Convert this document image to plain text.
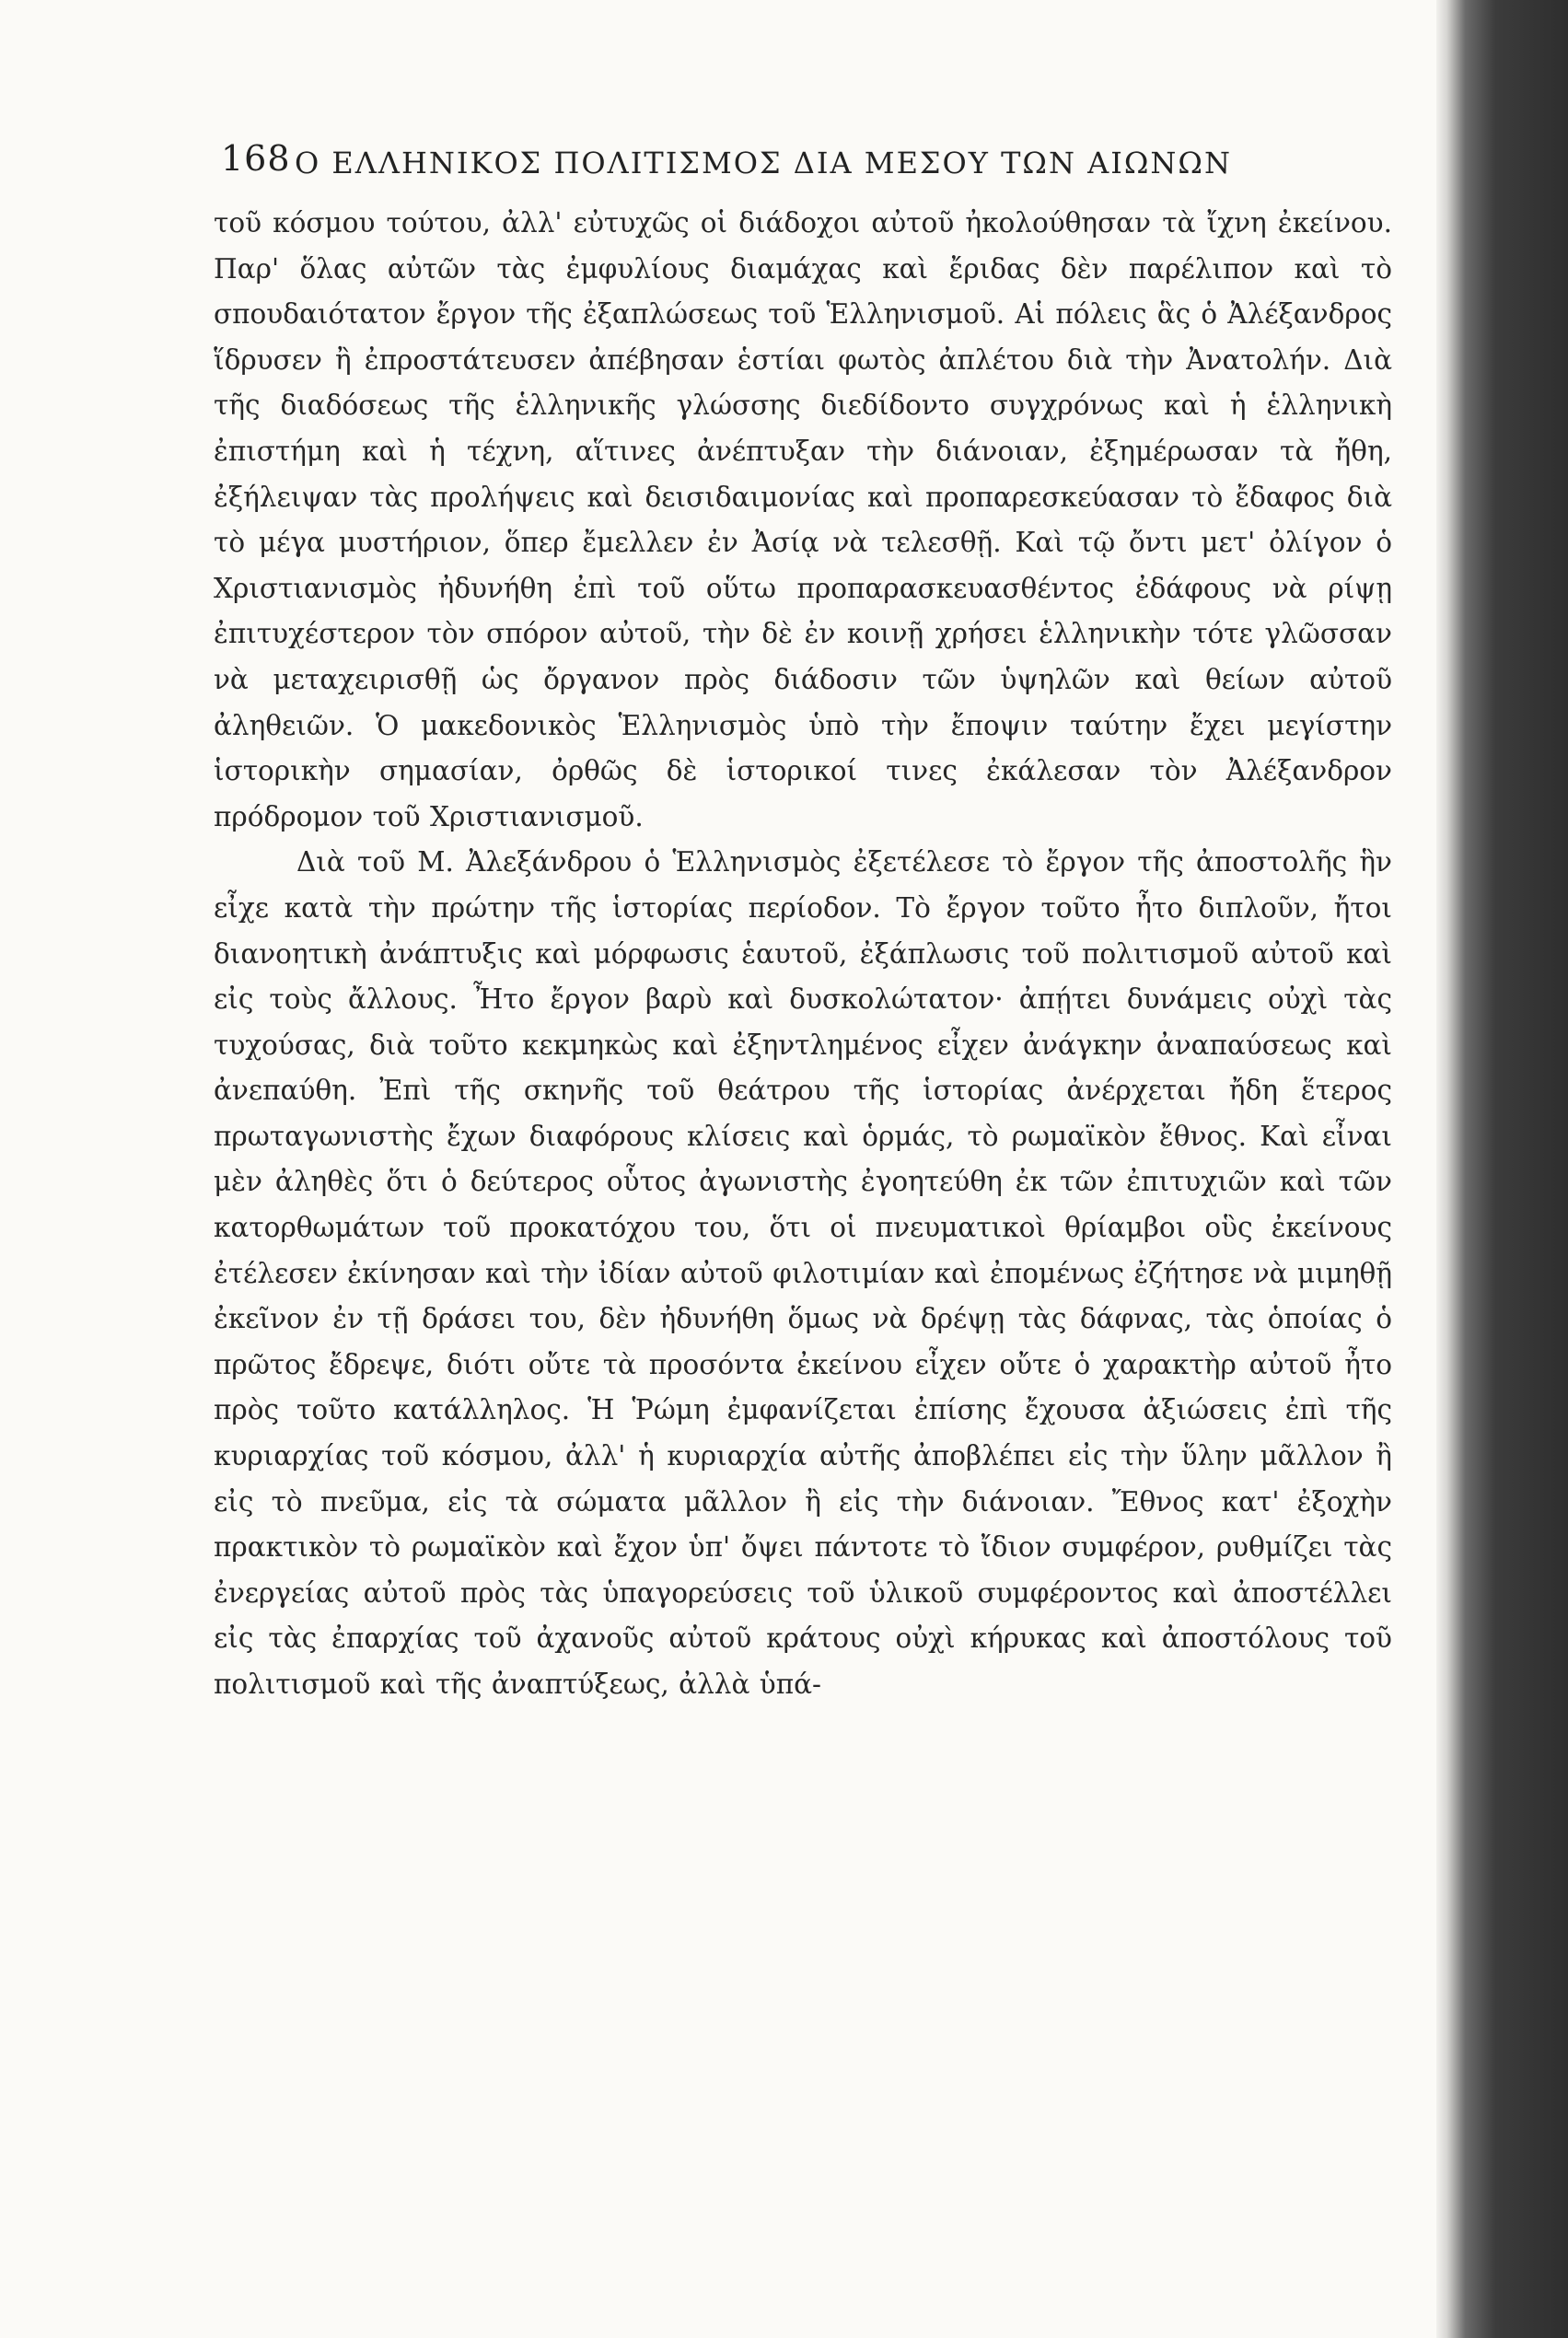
168 Ο ΕΛΛΗΝΙΚΟΣ ΠΟΛΙΤΙΣΜΟΣ ΔΙΑ ΜΕΣΟΥ ΤΩΝ ΑΙΩΝΩΝ

τοῦ κόσμου τούτου, ἀλλ' εὐτυχῶς οἱ διάδοχοι αὐτοῦ ἠκολούθησαν τὰ ἴχνη ἐκείνου. Παρ' ὅλας αὐτῶν τὰς ἐμφυλίους διαμάχας καὶ ἔριδας δὲν παρέλιπον καὶ τὸ σπουδαιότατον ἔργον τῆς ἐξαπλώσεως τοῦ Ἑλληνισμοῦ. Αἱ πόλεις ἃς ὁ Ἀλέξανδρος ἵδρυσεν ἢ ἐπροστάτευσεν ἀπέβησαν ἑστίαι φωτὸς ἀπλέτου διὰ τὴν Ἀνατολήν. Διὰ τῆς διαδόσεως τῆς ἑλληνικῆς γλώσσης διεδίδοντο συγχρόνως καὶ ἡ ἑλληνικὴ ἐπιστήμη καὶ ἡ τέχνη, αἵτινες ἀνέπτυξαν τὴν διάνοιαν, ἐξημέρωσαν τὰ ἤθη, ἐξήλειψαν τὰς προλήψεις καὶ δεισιδαιμονίας καὶ προπαρεσκεύασαν τὸ ἔδαφος διὰ τὸ μέγα μυστήριον, ὅπερ ἔμελλεν ἐν Ἀσίᾳ νὰ τελεσθῇ. Καὶ τῷ ὄντι μετ' ὀλίγον ὁ Χριστιανισμὸς ἠδυνήθη ἐπὶ τοῦ οὕτω προπαρασκευασθέντος ἐδάφους νὰ ρίψῃ ἐπιτυχέστερον τὸν σπόρον αὐτοῦ, τὴν δὲ ἐν κοινῇ χρήσει ἑλληνικὴν τότε γλῶσσαν νὰ μεταχειρισθῇ ὡς ὄργανον πρὸς διάδοσιν τῶν ὑψηλῶν καὶ θείων αὐτοῦ ἀληθειῶν. Ὁ μακεδονικὸς Ἑλληνισμὸς ὑπὸ τὴν ἔποψιν ταύτην ἔχει μεγίστην ἱστορικὴν σημασίαν, ὀρθῶς δὲ ἱστορικοί τινες ἐκάλεσαν τὸν Ἀλέξανδρον πρόδρομον τοῦ Χριστιανισμοῦ.

Διὰ τοῦ Μ. Ἀλεξάνδρου ὁ Ἑλληνισμὸς ἐξετέλεσε τὸ ἔργον τῆς ἀποστολῆς ἣν εἶχε κατὰ τὴν πρώτην τῆς ἱστορίας περίοδον. Τὸ ἔργον τοῦτο ἦτο διπλοῦν, ἤτοι διανοητικὴ ἀνάπτυξις καὶ μόρφωσις ἑαυτοῦ, ἐξάπλωσις τοῦ πολιτισμοῦ αὐτοῦ καὶ εἰς τοὺς ἄλλους. Ἦτο ἔργον βαρὺ καὶ δυσκολώτατον· ἀπῄτει δυνάμεις οὐχὶ τὰς τυχούσας, διὰ τοῦτο κεκμηκὼς καὶ ἐξηντλημένος εἶχεν ἀνάγκην ἀναπαύσεως καὶ ἀνεπαύθη. Ἐπὶ τῆς σκηνῆς τοῦ θεάτρου τῆς ἱστορίας ἀνέρχεται ἤδη ἕτερος πρωταγωνιστὴς ἔχων διαφόρους κλίσεις καὶ ὁρμάς, τὸ ρωμαϊκὸν ἔθνος. Καὶ εἶναι μὲν ἀληθὲς ὅτι ὁ δεύτερος οὗτος ἀγωνιστὴς ἐγοητεύθη ἐκ τῶν ἐπιτυχιῶν καὶ τῶν κατορθωμάτων τοῦ προκατόχου του, ὅτι οἱ πνευματικοὶ θρίαμβοι οὓς ἐκείνους ἐτέλεσεν ἐκίνησαν καὶ τὴν ἰδίαν αὐτοῦ φιλοτιμίαν καὶ ἐπομένως ἐζήτησε νὰ μιμηθῇ ἐκεῖνον ἐν τῇ δράσει του, δὲν ἠδυνήθη ὅμως νὰ δρέψῃ τὰς δάφνας, τὰς ὁποίας ὁ πρῶτος ἔδρεψε, διότι οὔτε τὰ προσόντα ἐκείνου εἶχεν οὔτε ὁ χαρακτὴρ αὐτοῦ ἦτο πρὸς τοῦτο κατάλληλος. Ἡ Ῥώμη ἐμφανίζεται ἐπίσης ἔχουσα ἀξιώσεις ἐπὶ τῆς κυριαρχίας τοῦ κόσμου, ἀλλ' ἡ κυριαρχία αὐτῆς ἀποβλέπει εἰς τὴν ὕλην μᾶλλον ἢ εἰς τὸ πνεῦμα, εἰς τὰ σώματα μᾶλλον ἢ εἰς τὴν διάνοιαν. Ἔθνος κατ' ἐξοχὴν πρακτικὸν τὸ ρωμαϊκὸν καὶ ἔχον ὑπ' ὄψει πάντοτε τὸ ἴδιον συμφέρον, ρυθμίζει τὰς ἐνεργείας αὐτοῦ πρὸς τὰς ὑπαγορεύσεις τοῦ ὑλικοῦ συμφέροντος καὶ ἀποστέλλει εἰς τὰς ἐπαρχίας τοῦ ἀχανοῦς αὐτοῦ κράτους οὐχὶ κήρυκας καὶ ἀποστόλους τοῦ πολιτισμοῦ καὶ τῆς ἀναπτύξεως, ἀλλὰ ὑπά-
